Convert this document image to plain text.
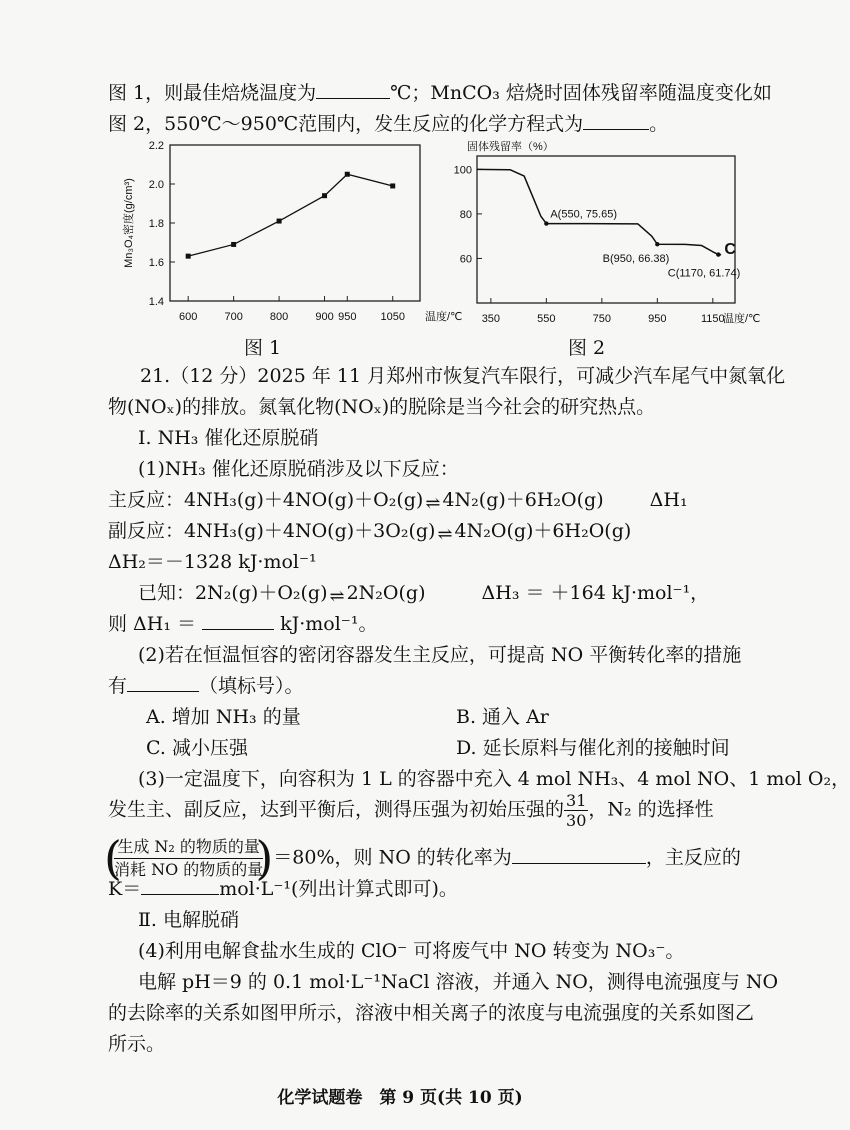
图 1，则最佳焙烧温度为	℃；MnCO₃ 焙烧时固体残留率随温度变化如
图 2，550℃～950℃范围内，发生反应的化学方程式为	。
1.4
1.6
1.8
2.0
2.2
600 700 800 900 950 1050 温度/℃
Mn₃O₄密度(g/cm³)
图 1
固体残留率（%）
100
80
60
350	550	750	950	1150
温度/℃
A(550, 75.65)
B(950, 66.38)
C(1170, 61.74)
C
图 2
21.（12 分）2025 年 11 月郑州市恢复汽车限行，可减少汽车尾气中氮氧化
物(NOₓ)的排放。氮氧化物(NOₓ)的脱除是当今社会的研究热点。
Ⅰ. NH₃ 催化还原脱硝
(1)NH₃ 催化还原脱硝涉及以下反应：
主反应：4NH₃(g)＋4NO(g)＋O₂(g) ⇌ 4N₂(g)＋6H₂O(g) ΔH₁
副反应：4NH₃(g)＋4NO(g)＋3O₂(g) ⇌ 4N₂O(g)＋6H₂O(g)
ΔH₂＝－1328 kJ·mol⁻¹
已知：2N₂(g)＋O₂(g) ⇌ 2N₂O(g)	ΔH₃ ＝ ＋164 kJ·mol⁻¹，
则 ΔH₁ ＝	kJ·mol⁻¹。
(2)若在恒温恒容的密闭容器发生主反应，可提高 NO 平衡转化率的措施
有	（填标号）。
A. 增加 NH₃ 的量	B. 通入 Ar
C. 减小压强	D. 延长原料与催化剂的接触时间
(3)一定温度下，向容积为 1 L 的容器中充入 4 mol NH₃、4 mol NO、1 mol O₂，
发生主、副反应，达到平衡后，测得压强为初始压强的 $\frac{31}{30}$ ，N₂ 的选择性
( $\frac{\text{生成 N₂ 的物质的量}}{\text{消耗 NO 的物质的量}}$
) ＝80%，则 NO 的转化率为	，主反应的
K＝	mol·L⁻¹(列出计算式即可)。
Ⅱ. 电解脱硝
(4)利用电解食盐水生成的 ClO⁻ 可将废气中 NO 转变为 NO₃⁻。
电解 pH＝9 的 0.1 mol·L⁻¹NaCl 溶液，并通入 NO，测得电流强度与 NO
的去除率的关系如图甲所示，溶液中相关离子的浓度与电流强度的关系如图乙
所示。
化学试题卷　第 9 页(共 10 页)
